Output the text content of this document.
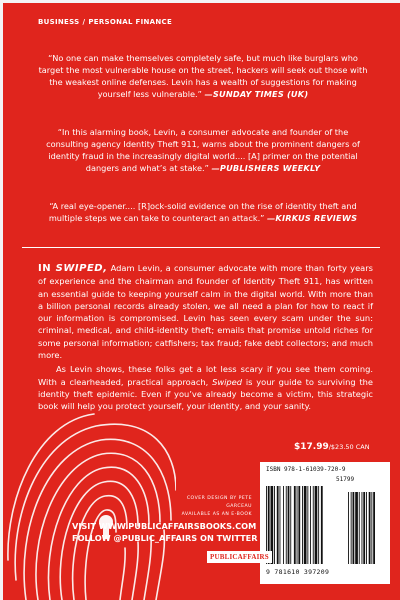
BUSINESS / PERSONAL FINANCE
“No one can make themselves completely safe, but much like burglars who target the most vulnerable house on the street, hackers will seek out those with the weakest online defenses. Levin has a wealth of suggestions for making yourself less vulnerable.” —SUNDAY TIMES (UK)
“In this alarming book, Levin, a consumer advocate and founder of the consulting agency Identity Theft 911, warns about the prominent dangers of identity fraud in the increasingly digital world.... [A] primer on the potential dangers and what’s at stake.” —PUBLISHERS WEEKLY
“A real eye-opener.... [R]ock-solid evidence on the rise of identity theft and multiple steps we can take to counteract an attack.” —KIRKUS REVIEWS

IN SWIPED, Adam Levin, a consumer advocate with more than forty years of experience and the chairman and founder of Identity Theft 911, has written an essential guide to keeping yourself calm in the digital world. With more than a billion personal records already stolen, we all need a plan for how to react if our information is compromised. Levin has seen every scam under the sun: criminal, medical, and child-identity theft; emails that promise untold riches for some personal information; catfishers; tax fraud; fake debt collectors; and much more.

As Levin shows, these folks get a lot less scary if you see them coming. With a clearheaded, practical approach, Swiped is your guide to surviving the identity theft epidemic. Even if you’ve already become a victim, this strategic book will help you protect yourself, your identity, and your sanity.

$17.99/$23.50 CAN
COVER DESIGN BY PETE GARCEAU
AVAILABLE AS AN E-BOOK
ISBN 978-1-61039-720-9
51799
9 781610 397209
VISIT WWW.PUBLICAFFAIRSBOOKS.COM
FOLLOW @PUBLIC_AFFAIRS ON TWITTER
PUBLICAFFAIRS
